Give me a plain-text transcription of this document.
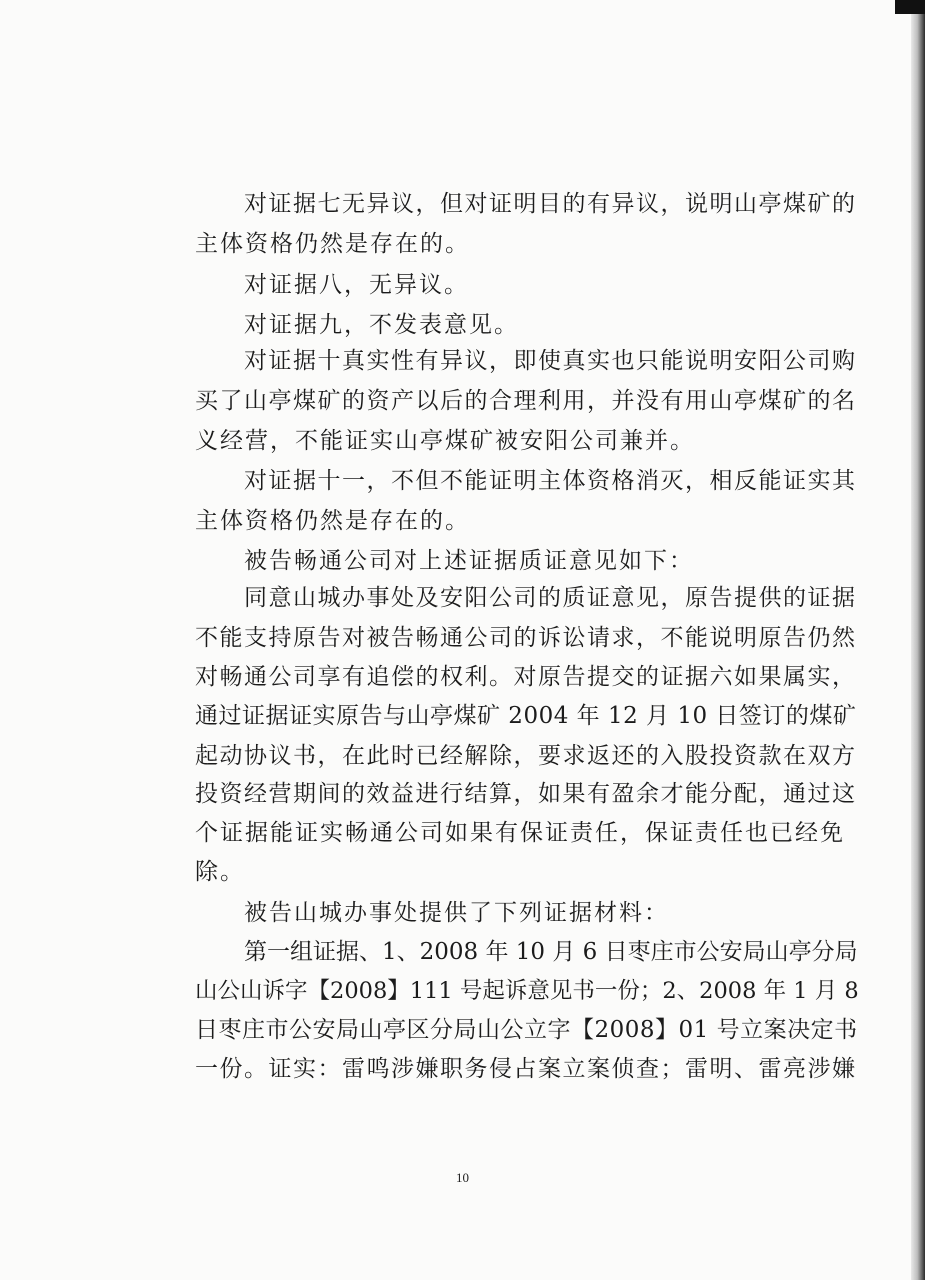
对证据七无异议，但对证明目的有异议，说明山亭煤矿的
主体资格仍然是存在的。
对证据八，无异议。
对证据九，不发表意见。
对证据十真实性有异议，即使真实也只能说明安阳公司购
买了山亭煤矿的资产以后的合理利用，并没有用山亭煤矿的名
义经营，不能证实山亭煤矿被安阳公司兼并。
对证据十一，不但不能证明主体资格消灭，相反能证实其
主体资格仍然是存在的。
被告畅通公司对上述证据质证意见如下：
同意山城办事处及安阳公司的质证意见，原告提供的证据
不能支持原告对被告畅通公司的诉讼请求，不能说明原告仍然
对畅通公司享有追偿的权利。对原告提交的证据六如果属实，
通过证据证实原告与山亭煤矿 2004 年 12 月 10 日签订的煤矿
起动协议书，在此时已经解除，要求返还的入股投资款在双方
投资经营期间的效益进行结算，如果有盈余才能分配，通过这
个证据能证实畅通公司如果有保证责任，保证责任也已经免
除。
被告山城办事处提供了下列证据材料：
第一组证据、1、2008 年 10 月 6 日枣庄市公安局山亭分局
山公山诉字【2008】111 号起诉意见书一份；2、2008 年 1 月 8
日枣庄市公安局山亭区分局山公立字【2008】01 号立案决定书
一份。证实：雷鸣涉嫌职务侵占案立案侦查；雷明、雷亮涉嫌
10
